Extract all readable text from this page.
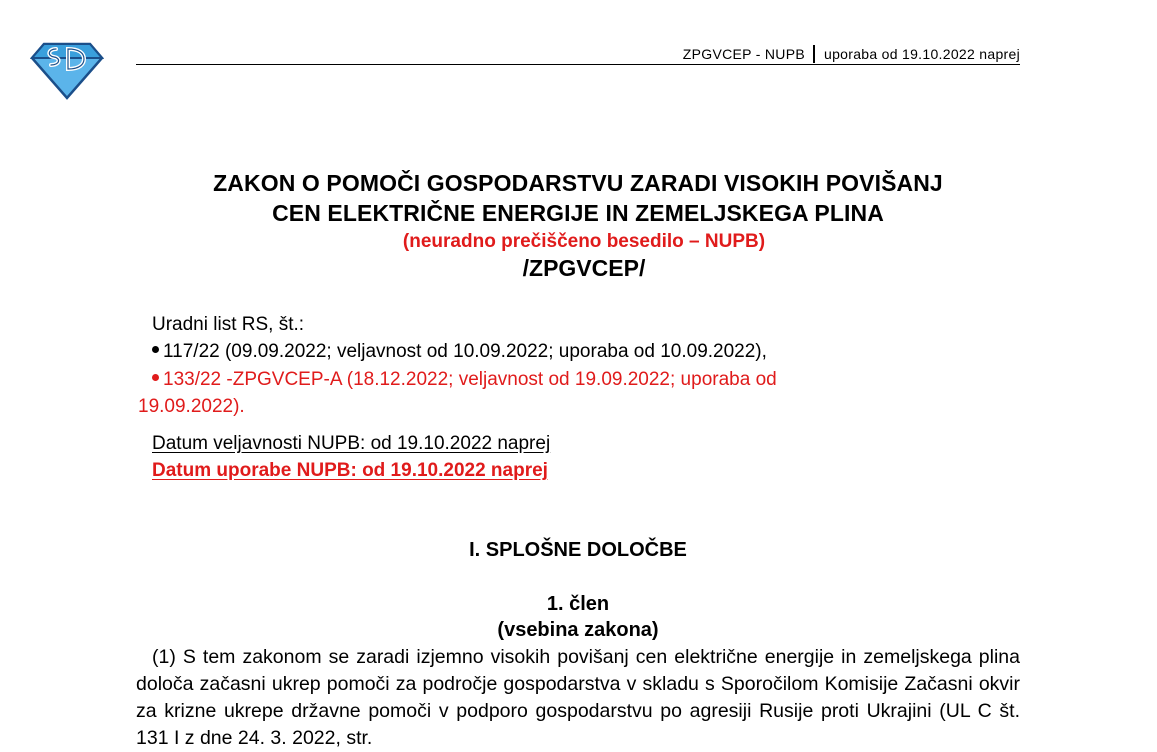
ZPGVCEP - NUPB uporaba od 19.10.2022 naprej
ZAKON O POMOČI GOSPODARSTVU ZARADI VISOKIH POVIŠANJ
CEN ELEKTRIČNE ENERGIJE IN ZEMELJSKEGA PLINA
(neuradno prečiščeno besedilo – NUPB)
/ZPGVCEP/
Uradni list RS, št.:
117/22 (09.09.2022; veljavnost od 10.09.2022; uporaba od 10.09.2022),
133/22 -ZPGVCEP-A (18.12.2022; veljavnost od 19.09.2022; uporaba od
19.09.2022).
Datum veljavnosti NUPB: od 19.10.2022 naprej
Datum uporabe NUPB: od 19.10.2022 naprej
I. SPLOŠNE DOLOČBE
1. člen
(vsebina zakona)
(1) S tem zakonom se zaradi izjemno visokih povišanj cen električne energije in zemeljskega plina določa začasni ukrep pomoči za področje gospodarstva v skladu s Sporočilom Komisije Začasni okvir za krizne ukrepe državne pomoči v podporo gospodarstvu po agresiji Rusije proti Ukrajini (UL C št. 131 I z dne 24. 3. 2022, str.
